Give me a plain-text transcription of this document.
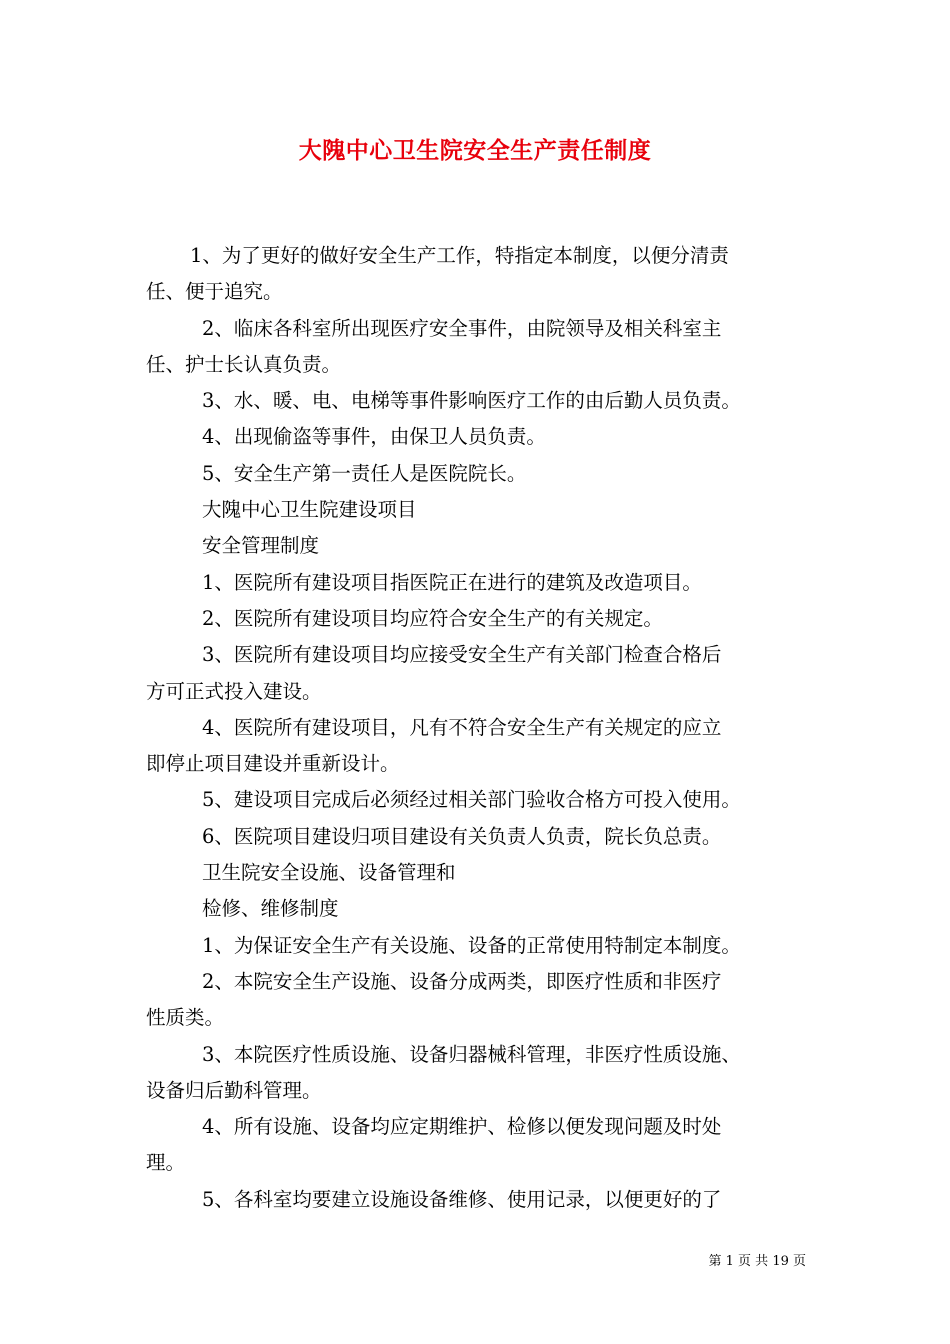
大隗中心卫生院安全生产责任制度

1、为了更好的做好安全生产工作，特指定本制度，以便分清责

任、便于追究。

2、临床各科室所出现医疗安全事件，由院领导及相关科室主

任、护士长认真负责。

3、水、暖、电、电梯等事件影响医疗工作的由后勤人员负责。

4、出现偷盗等事件，由保卫人员负责。

5、安全生产第一责任人是医院院长。

大隗中心卫生院建设项目

安全管理制度

1、医院所有建设项目指医院正在进行的建筑及改造项目。

2、医院所有建设项目均应符合安全生产的有关规定。

3、医院所有建设项目均应接受安全生产有关部门检查合格后

方可正式投入建设。

4、医院所有建设项目，凡有不符合安全生产有关规定的应立

即停止项目建设并重新设计。

5、建设项目完成后必须经过相关部门验收合格方可投入使用。

6、医院项目建设归项目建设有关负责人负责，院长负总责。

卫生院安全设施、设备管理和

检修、维修制度

1、为保证安全生产有关设施、设备的正常使用特制定本制度。

2、本院安全生产设施、设备分成两类，即医疗性质和非医疗

性质类。

3、本院医疗性质设施、设备归器械科管理，非医疗性质设施、

设备归后勤科管理。

4、所有设施、设备均应定期维护、检修以便发现问题及时处

理。

5、各科室均要建立设施设备维修、使用记录，以便更好的了

第 1 页 共 19 页
